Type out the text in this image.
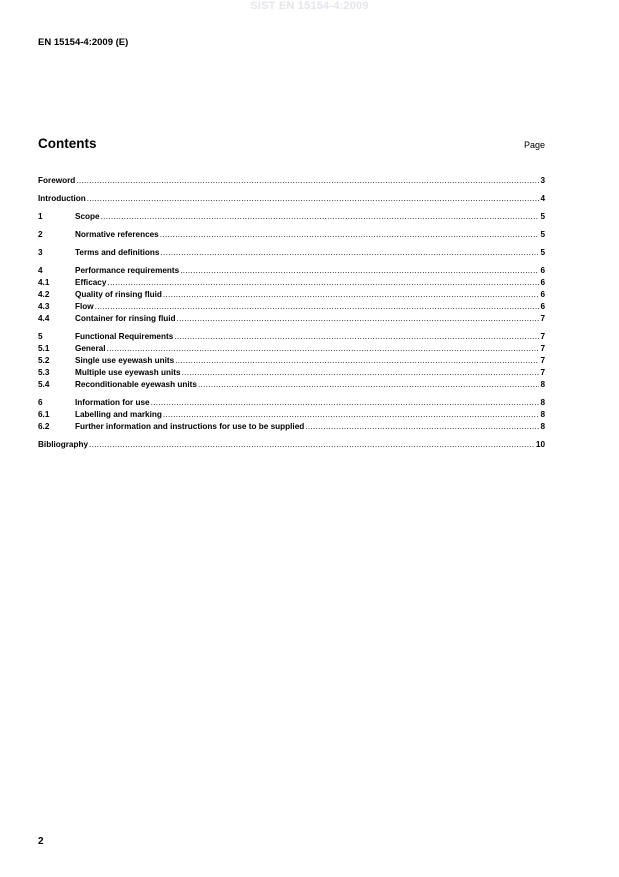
SIST EN 15154-4:2009
EN 15154-4:2009 (E)
Contents	Page
Foreword .....	3
Introduction .....	4
1	Scope .....	5
2	Normative references .....	5
3	Terms and definitions .....	5
4	Performance requirements .....	6
4.1	Efficacy .....	6
4.2	Quality of rinsing fluid .....	6
4.3	Flow .....	6
4.4	Container for rinsing fluid .....	7
5	Functional Requirements .....	7
5.1	General .....	7
5.2	Single use eyewash units .....	7
5.3	Multiple use eyewash units .....	7
5.4	Reconditionable eyewash units .....	8
6	Information for use .....	8
6.1	Labelling and marking .....	8
6.2	Further information and instructions for use to be supplied .....	8
Bibliography .....	10
2
